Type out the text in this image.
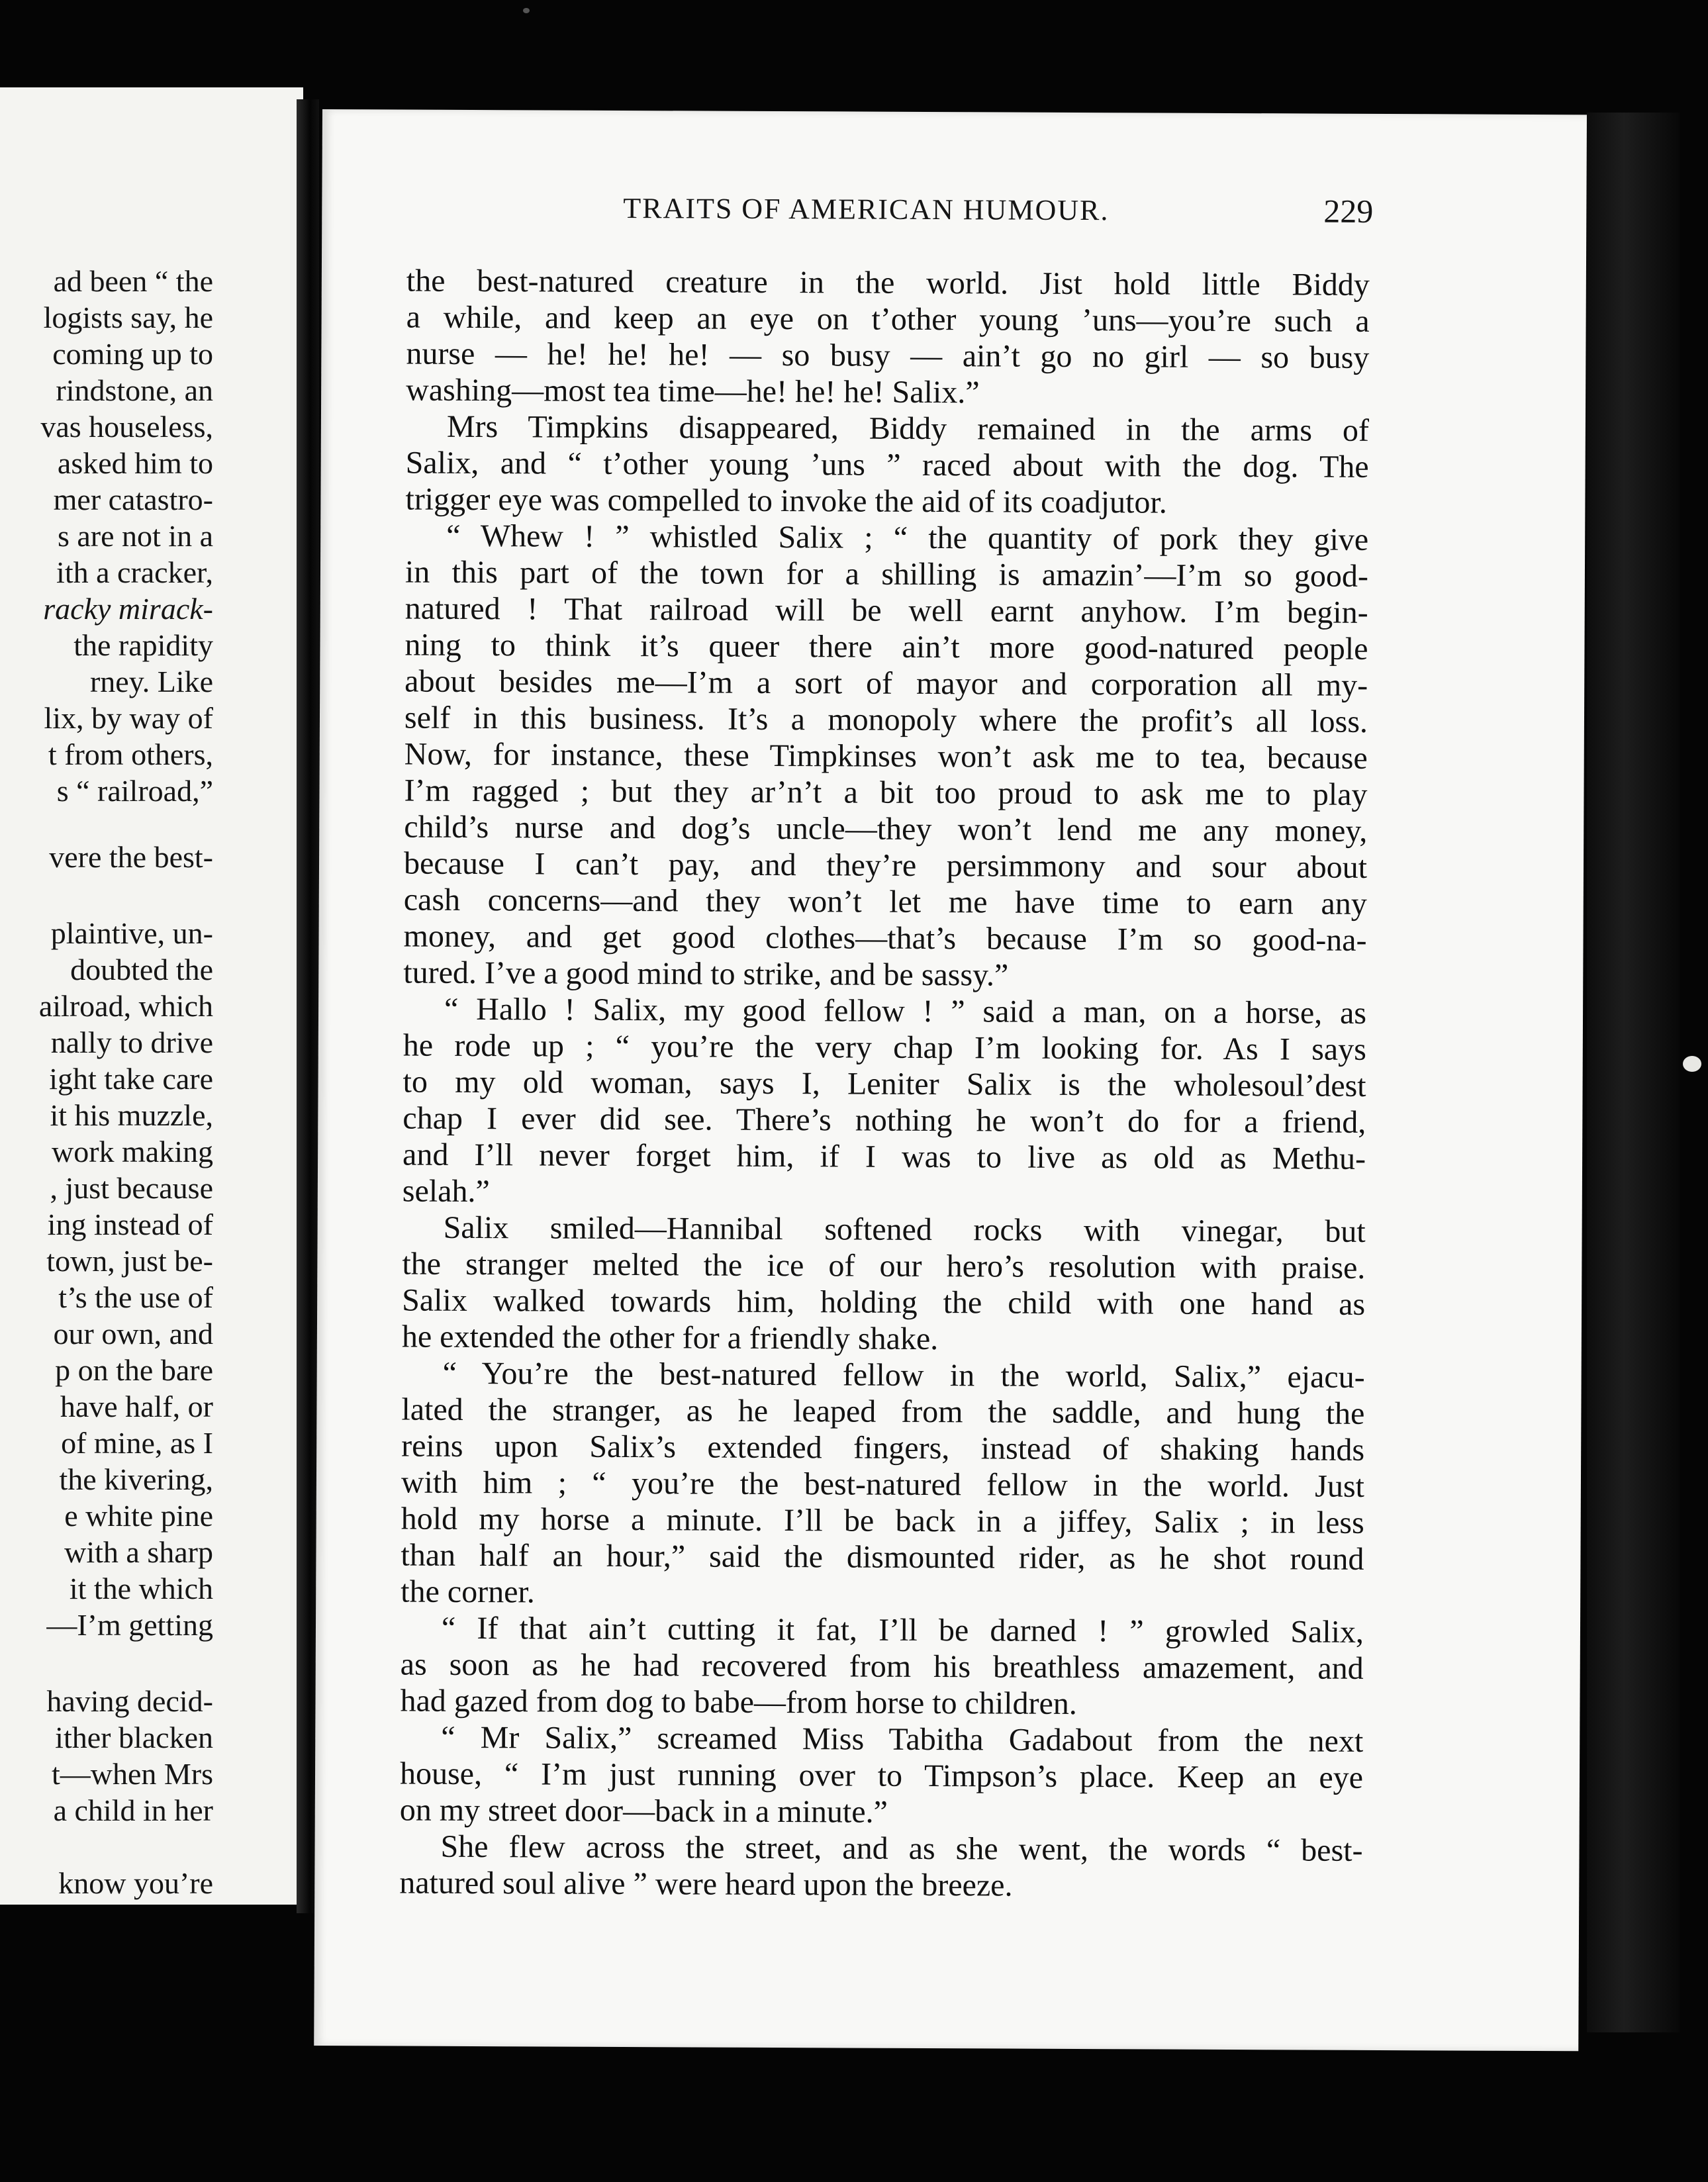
ad been “ the
logists say, he
coming up to
rindstone, an
vas houseless,
asked him to
mer catastro-
s are not in a
ith a cracker,
racky mirack-
the rapidity
rney. Like
lix, by way of
t from others,
s “ railroad,”
vere the best-
plaintive, un-
doubted the
ailroad, which
nally to drive
ight take care
it his muzzle,
work making
, just because
ing instead of
town, just be-
t’s the use of
our own, and
p on the bare
have half, or
of mine, as I
the kivering,
e white pine
with a sharp
it the which
—I’m getting
having decid-
ither blacken
t—when Mrs
a child in her
know you’re
TRAITS OF AMERICAN HUMOUR.	229
the best-natured creature in the world. Jist hold little Biddy
a while, and keep an eye on t’other young ’uns—you’re such a
nurse — he! he! he! — so busy — ain’t go no girl — so busy
washing—most tea time—he! he! he! Salix.”
Mrs Timpkins disappeared, Biddy remained in the arms of
Salix, and “ t’other young ’uns ” raced about with the dog. The
trigger eye was compelled to invoke the aid of its coadjutor.
“ Whew ! ” whistled Salix ; “ the quantity of pork they give
in this part of the town for a shilling is amazin’—I’m so good-
natured ! That railroad will be well earnt anyhow. I’m begin-
ning to think it’s queer there ain’t more good-natured people
about besides me—I’m a sort of mayor and corporation all my-
self in this business. It’s a monopoly where the profit’s all loss.
Now, for instance, these Timpkinses won’t ask me to tea, because
I’m ragged ; but they ar’n’t a bit too proud to ask me to play
child’s nurse and dog’s uncle—they won’t lend me any money,
because I can’t pay, and they’re persimmony and sour about
cash concerns—and they won’t let me have time to earn any
money, and get good clothes—that’s because I’m so good-na-
tured. I’ve a good mind to strike, and be sassy.”
“ Hallo ! Salix, my good fellow ! ” said a man, on a horse, as
he rode up ; “ you’re the very chap I’m looking for. As I says
to my old woman, says I, Leniter Salix is the wholesoul’dest
chap I ever did see. There’s nothing he won’t do for a friend,
and I’ll never forget him, if I was to live as old as Methu-
selah.”
Salix smiled—Hannibal softened rocks with vinegar, but
the stranger melted the ice of our hero’s resolution with praise.
Salix walked towards him, holding the child with one hand as
he extended the other for a friendly shake.
“ You’re the best-natured fellow in the world, Salix,” ejacu-
lated the stranger, as he leaped from the saddle, and hung the
reins upon Salix’s extended fingers, instead of shaking hands
with him ; “ you’re the best-natured fellow in the world. Just
hold my horse a minute. I’ll be back in a jiffey, Salix ; in less
than half an hour,” said the dismounted rider, as he shot round
the corner.
“ If that ain’t cutting it fat, I’ll be darned ! ” growled Salix,
as soon as he had recovered from his breathless amazement, and
had gazed from dog to babe—from horse to children.
“ Mr Salix,” screamed Miss Tabitha Gadabout from the next
house, “ I’m just running over to Timpson’s place. Keep an eye
on my street door—back in a minute.”
She flew across the street, and as she went, the words “ best-
natured soul alive ” were heard upon the breeze.
